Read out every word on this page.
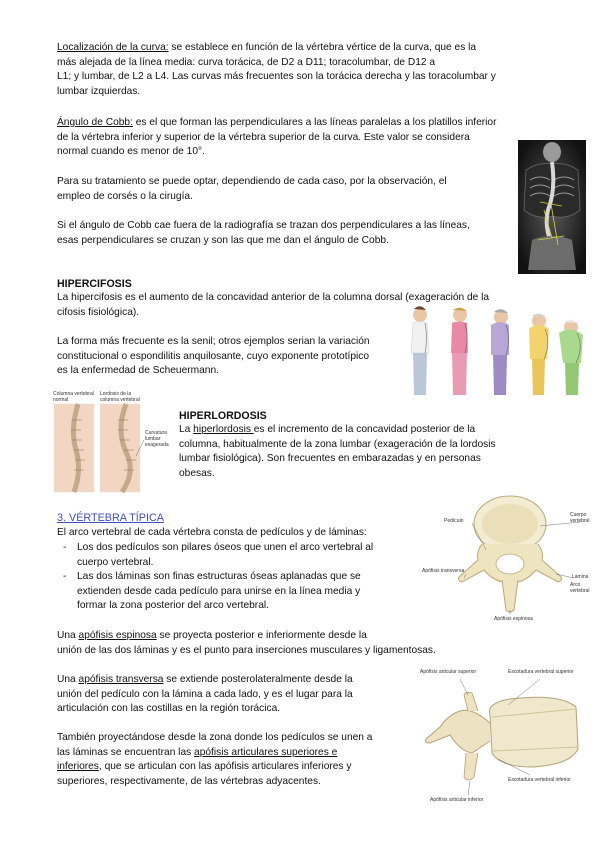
Localización de la curva: se establece en función de la vértebra vértice de la curva, que es la
más alejada de la línea media: curva torácica, de D2 a D11; toracolumbar, de D12 a
L1; y lumbar, de L2 a L4. Las curvas más frecuentes son la torácica derecha y las toracolumbar y
lumbar izquierdas.
Ángulo de Cobb: es el que forman las perpendiculares a las líneas paralelas a los platillos inferior
de la vértebra inferior y superior de la vértebra superior de la curva. Este valor se considera
normal cuando es menor de 10°.
Para su tratamiento se puede optar, dependiendo de cada caso, por la observación, el
empleo de corsés o la cirugía.
Si el ángulo de Cobb cae fuera de la radiografía se trazan dos perpendiculares a las líneas,
esas perpendiculares se cruzan y son las que me dan el ángulo de Cobb.
HIPERCIFOSIS
La hipercifosis es el aumento de la concavidad anterior de la columna dorsal (exageración de la
cifosis fisiológica).
La forma más frecuente es la senil; otros ejemplos serian la variación
constitucional o espondilitis anquilosante, cuyo exponente prototípico
es la enfermedad de Scheuermann.
Columna vertebral normal
Lordosis de la columna vertebral
Curvatura lumbar exagerada
HIPERLORDOSIS
La hiperlordosis es el incremento de la concavidad posterior de la
columna, habitualmente de la zona lumbar (exageración de la lordosis
lumbar fisiológica). Son frecuentes en embarazadas y en personas
obesas.
3. VÉRTEBRA TÍPICA
El arco vertebral de cada vértebra consta de pedículos y de láminas:
- Los dos pedículos son pilares óseos que unen el arco vertebral al
cuerpo vertebral.
- Las dos láminas son finas estructuras óseas aplanadas que se
extienden desde cada pedículo para unirse en la línea media y
formar la zona posterior del arco vertebral.
Pedículo
Cuerpo vertebral
Apófisis transversa
Lámina
Arco vertebral
Apófisis espinosa
Una apófisis espinosa se proyecta posterior e inferiormente desde la
unión de las dos láminas y es el punto para inserciones musculares y ligamentosas.
Una apófisis transversa se extiende posterolateralmente desde la
unión del pedículo con la lámina a cada lado, y es el lugar para la
articulación con las costillas en la región torácica.
También proyectándose desde la zona donde los pedículos se unen a
las láminas se encuentran las apófisis articulares superiores e
inferiores, que se articulan con las apófisis articulares inferiores y
superiores, respectivamente, de las vértebras adyacentes.
Apófisis articular superior	Escotadura vertebral superior
Escotadura vertebral inferior
Apófisis articular inferior
